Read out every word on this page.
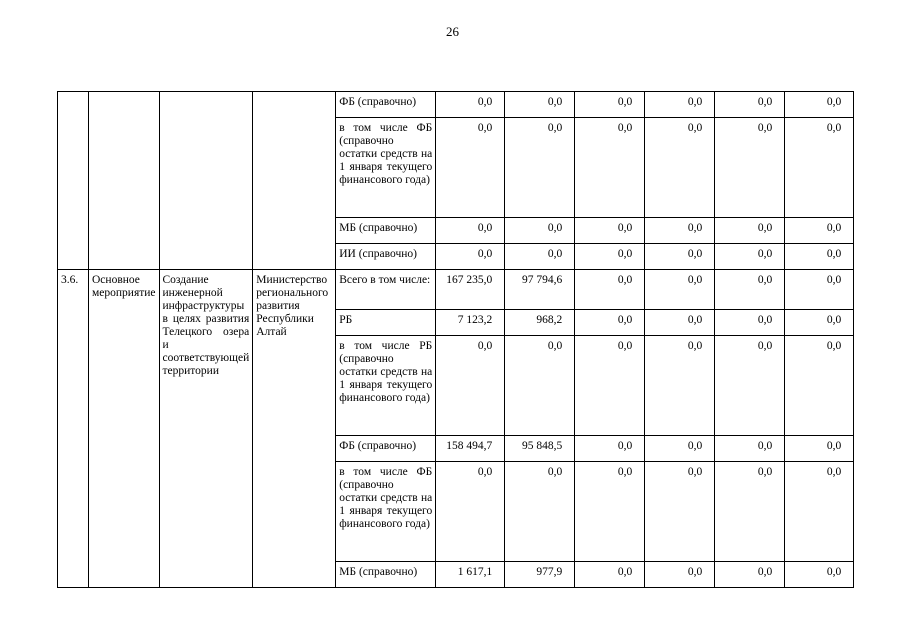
26
				ФБ (справочно)	0,0	0,0	0,0	0,0	0,0	0,0
				в том числе ФБ (справочно остатки средств на 1 января текущего финансового года)	0,0	0,0	0,0	0,0	0,0	0,0
				МБ (справочно)	0,0	0,0	0,0	0,0	0,0	0,0
				ИИ (справочно)	0,0	0,0	0,0	0,0	0,0	0,0
3.6.	Основное мероприятие	Создание инженерной инфраструктуры в целях развития Телецкого озера и соответствующей территории	Министерство регионального развития Республики Алтай	Всего в том числе:	167 235,0	97 794,6	0,0	0,0	0,0	0,0
				РБ	7 123,2	968,2	0,0	0,0	0,0	0,0
				в том числе РБ (справочно остатки средств на 1 января текущего финансового года)	0,0	0,0	0,0	0,0	0,0	0,0
				ФБ (справочно)	158 494,7	95 848,5	0,0	0,0	0,0	0,0
				в том числе ФБ (справочно остатки средств на 1 января текущего финансового года)	0,0	0,0	0,0	0,0	0,0	0,0
				МБ (справочно)	1 617,1	977,9	0,0	0,0	0,0	0,0
